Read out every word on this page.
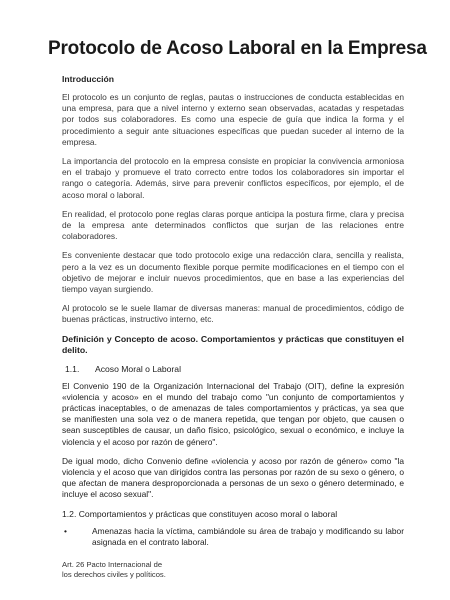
Protocolo de Acoso Laboral en la Empresa
Introducción

El protocolo es un conjunto de reglas, pautas o instrucciones de conducta establecidas en una empresa, para que a nivel interno y externo sean observadas, acatadas y respetadas por todos sus colaboradores. Es como una especie de guía que indica la forma y el procedimiento a seguir ante situaciones específicas que puedan suceder al interno de la empresa.

La importancia del protocolo en la empresa consiste en propiciar la convivencia armoniosa en el trabajo y promueve el trato correcto entre todos los colaboradores sin importar el rango o categoría. Además, sirve para prevenir conflictos específicos, por ejemplo, el de acoso moral o laboral.

En realidad, el protocolo pone reglas claras porque anticipa la postura firme, clara y precisa de la empresa ante determinados conflictos que surjan de las relaciones entre colaboradores.

Es conveniente destacar que todo protocolo exige una redacción clara, sencilla y realista, pero a la vez es un documento flexible porque permite modificaciones en el tiempo con el objetivo de mejorar e incluir nuevos procedimientos, que en base a las experiencias del tiempo vayan surgiendo.

Al protocolo se le suele llamar de diversas maneras: manual de procedimientos, código de buenas prácticas, instructivo interno, etc.

Definición y Concepto de acoso. Comportamientos y prácticas que constituyen el delito.
1.1.	Acoso Moral o Laboral

El Convenio 190 de la Organización Internacional del Trabajo (OIT), define la expresión «violencia y acoso» en el mundo del trabajo como "un conjunto de comportamientos y prácticas inaceptables, o de amenazas de tales comportamientos y prácticas, ya sea que se manifiesten una sola vez o de manera repetida, que tengan por objeto, que causen o sean susceptibles de causar, un daño físico, psicológico, sexual o económico, e incluye la violencia y el acoso por razón de género".

De igual modo, dicho Convenio define «violencia y acoso por razón de género» como "la violencia y el acoso que van dirigidos contra las personas por razón de su sexo o género, o que afectan de manera desproporcionada a personas de un sexo o género determinado, e incluye el acoso sexual".

1.2. Comportamientos y prácticas que constituyen acoso moral o laboral
•	Amenazas hacia la víctima, cambiándole su área de trabajo y modificando su labor asignada en el contrato laboral.
Art. 26 Pacto Internacional de
los derechos civiles y políticos.
